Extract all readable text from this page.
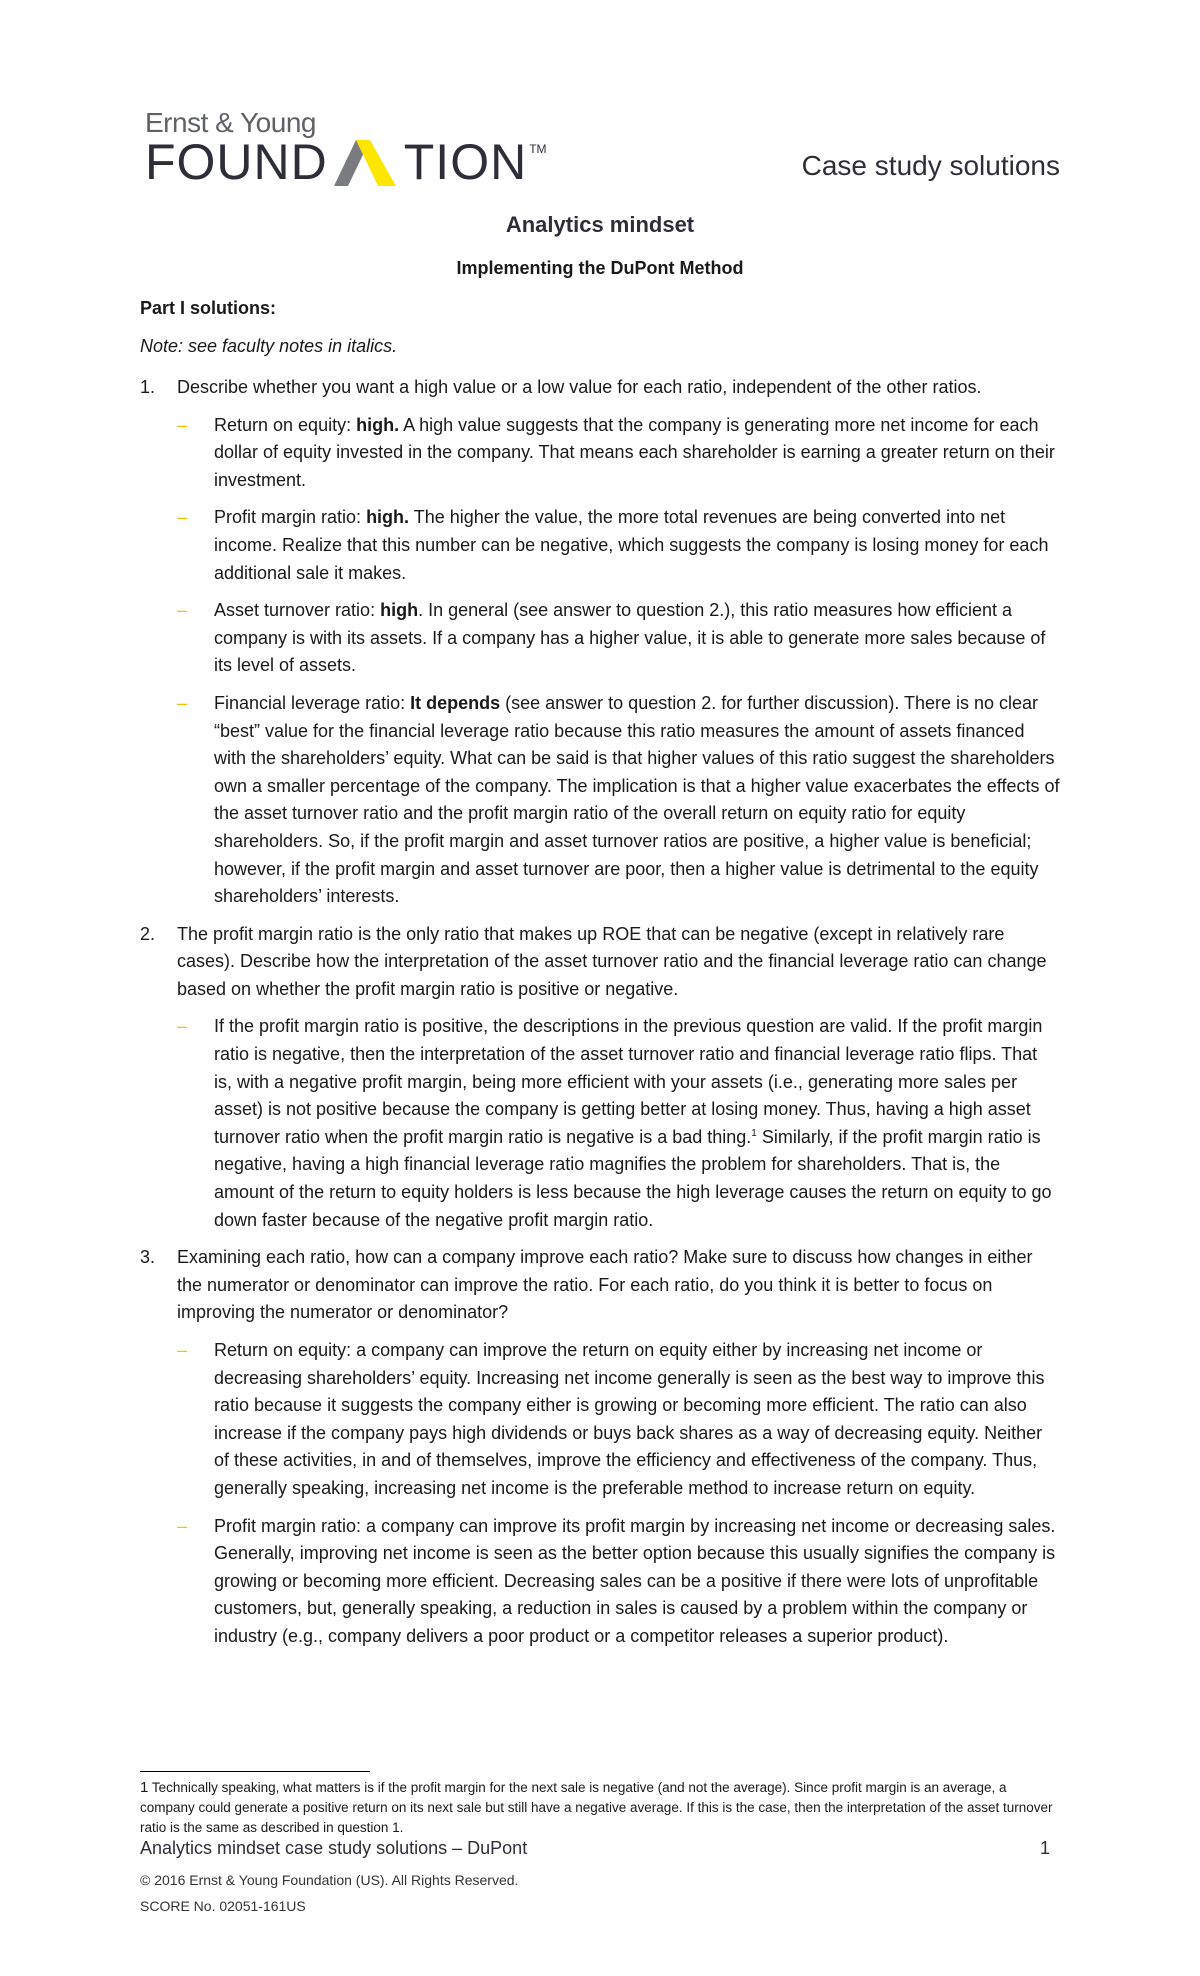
Ernst & Young
FOUND TION TM
Case study solutions
Analytics mindset
Implementing the DuPont Method
Part I solutions:
Note: see faculty notes in italics.
1.	Describe whether you want a high value or a low value for each ratio, independent of the other ratios.
–	Return on equity: high. A high value suggests that the company is generating more net income for each dollar of equity invested in the company. That means each shareholder is earning a greater return on their investment.
–	Profit margin ratio: high. The higher the value, the more total revenues are being converted into net income. Realize that this number can be negative, which suggests the company is losing money for each additional sale it makes.
–	Asset turnover ratio: high. In general (see answer to question 2.), this ratio measures how efficient a company is with its assets. If a company has a higher value, it is able to generate more sales because of its level of assets.
–	Financial leverage ratio: It depends (see answer to question 2. for further discussion). There is no clear “best” value for the financial leverage ratio because this ratio measures the amount of assets financed with the shareholders’ equity. What can be said is that higher values of this ratio suggest the shareholders own a smaller percentage of the company. The implication is that a higher value exacerbates the effects of the asset turnover ratio and the profit margin ratio of the overall return on equity ratio for equity shareholders. So, if the profit margin and asset turnover ratios are positive, a higher value is beneficial; however, if the profit margin and asset turnover are poor, then a higher value is detrimental to the equity shareholders’ interests.
2.	The profit margin ratio is the only ratio that makes up ROE that can be negative (except in relatively rare cases). Describe how the interpretation of the asset turnover ratio and the financial leverage ratio can change based on whether the profit margin ratio is positive or negative.
–	If the profit margin ratio is positive, the descriptions in the previous question are valid. If the profit margin ratio is negative, then the interpretation of the asset turnover ratio and financial leverage ratio flips. That is, with a negative profit margin, being more efficient with your assets (i.e., generating more sales per asset) is not positive because the company is getting better at losing money. Thus, having a high asset turnover ratio when the profit margin ratio is negative is a bad thing.$^1$ Similarly, if the profit margin ratio is negative, having a high financial leverage ratio magnifies the problem for shareholders. That is, the amount of the return to equity holders is less because the high leverage causes the return on equity to go down faster because of the negative profit margin ratio.
3.	Examining each ratio, how can a company improve each ratio? Make sure to discuss how changes in either the numerator or denominator can improve the ratio. For each ratio, do you think it is better to focus on improving the numerator or denominator?
–	Return on equity: a company can improve the return on equity either by increasing net income or decreasing shareholders’ equity. Increasing net income generally is seen as the best way to improve this ratio because it suggests the company either is growing or becoming more efficient. The ratio can also increase if the company pays high dividends or buys back shares as a way of decreasing equity. Neither of these activities, in and of themselves, improve the efficiency and effectiveness of the company. Thus, generally speaking, increasing net income is the preferable method to increase return on equity.
–	Profit margin ratio: a company can improve its profit margin by increasing net income or decreasing sales. Generally, improving net income is seen as the better option because this usually signifies the company is growing or becoming more efficient. Decreasing sales can be a positive if there were lots of unprofitable customers, but, generally speaking, a reduction in sales is caused by a problem within the company or industry (e.g., company delivers a poor product or a competitor releases a superior product).
1 Technically speaking, what matters is if the profit margin for the next sale is negative (and not the average). Since profit margin is an average, a company could generate a positive return on its next sale but still have a negative average. If this is the case, then the interpretation of the asset turnover ratio is the same as described in question 1.
Analytics mindset case study solutions – DuPont	1
© 2016 Ernst & Young Foundation (US). All Rights Reserved.
SCORE No. 02051-161US
